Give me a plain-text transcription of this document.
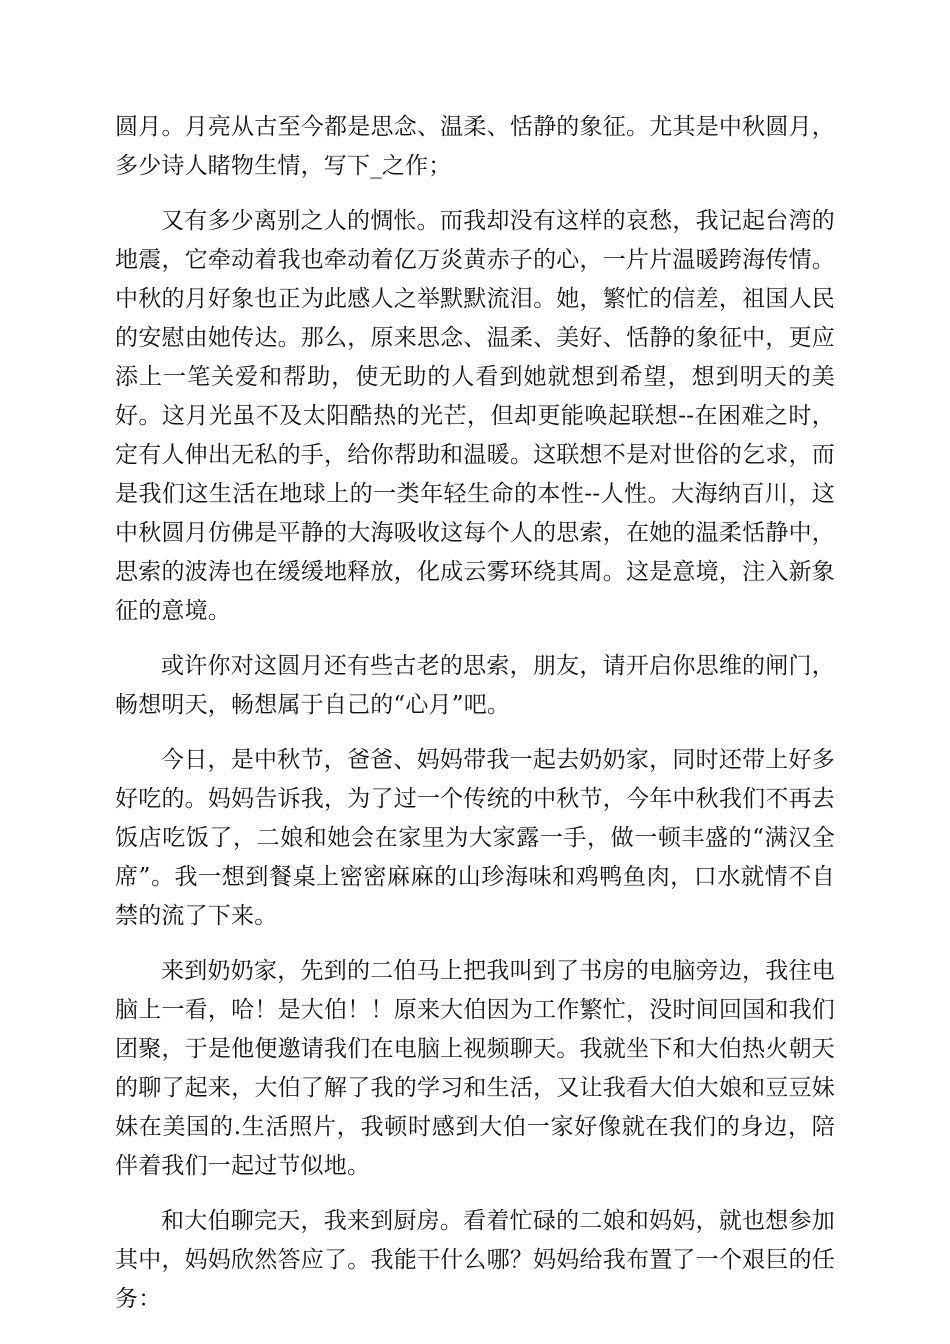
圆月。月亮从古至今都是思念、温柔、恬静的象征。尤其是中秋圆月，多少诗人睹物生情，写下_之作；

又有多少离别之人的惆怅。而我却没有这样的哀愁，我记起台湾的地震，它牵动着我也牵动着亿万炎黄赤子的心，一片片温暖跨海传情。中秋的月好象也正为此感人之举默默流泪。她，繁忙的信差，祖国人民的安慰由她传达。那么，原来思念、温柔、美好、恬静的象征中，更应添上一笔关爱和帮助，使无助的人看到她就想到希望，想到明天的美好。这月光虽不及太阳酷热的光芒，但却更能唤起联想--在困难之时，定有人伸出无私的手，给你帮助和温暖。这联想不是对世俗的乞求，而是我们这生活在地球上的一类年轻生命的本性--人性。大海纳百川，这中秋圆月仿佛是平静的大海吸收这每个人的思索，在她的温柔恬静中，思索的波涛也在缓缓地释放，化成云雾环绕其周。这是意境，注入新象征的意境。

或许你对这圆月还有些古老的思索，朋友，请开启你思维的闸门，畅想明天，畅想属于自己的“心月”吧。

今日，是中秋节，爸爸、妈妈带我一起去奶奶家，同时还带上好多好吃的。妈妈告诉我，为了过一个传统的中秋节，今年中秋我们不再去饭店吃饭了，二娘和她会在家里为大家露一手，做一顿丰盛的“满汉全席”。我一想到餐桌上密密麻麻的山珍海味和鸡鸭鱼肉，口水就情不自禁的流了下来。

来到奶奶家，先到的二伯马上把我叫到了书房的电脑旁边，我往电脑上一看，哈！是大伯！！原来大伯因为工作繁忙，没时间回国和我们团聚，于是他便邀请我们在电脑上视频聊天。我就坐下和大伯热火朝天的聊了起来，大伯了解了我的学习和生活，又让我看大伯大娘和豆豆妹妹在美国的.生活照片，我顿时感到大伯一家好像就在我们的身边，陪伴着我们一起过节似地。

和大伯聊完天，我来到厨房。看着忙碌的二娘和妈妈，就也想参加其中，妈妈欣然答应了。我能干什么哪？妈妈给我布置了一个艰巨的任务：
